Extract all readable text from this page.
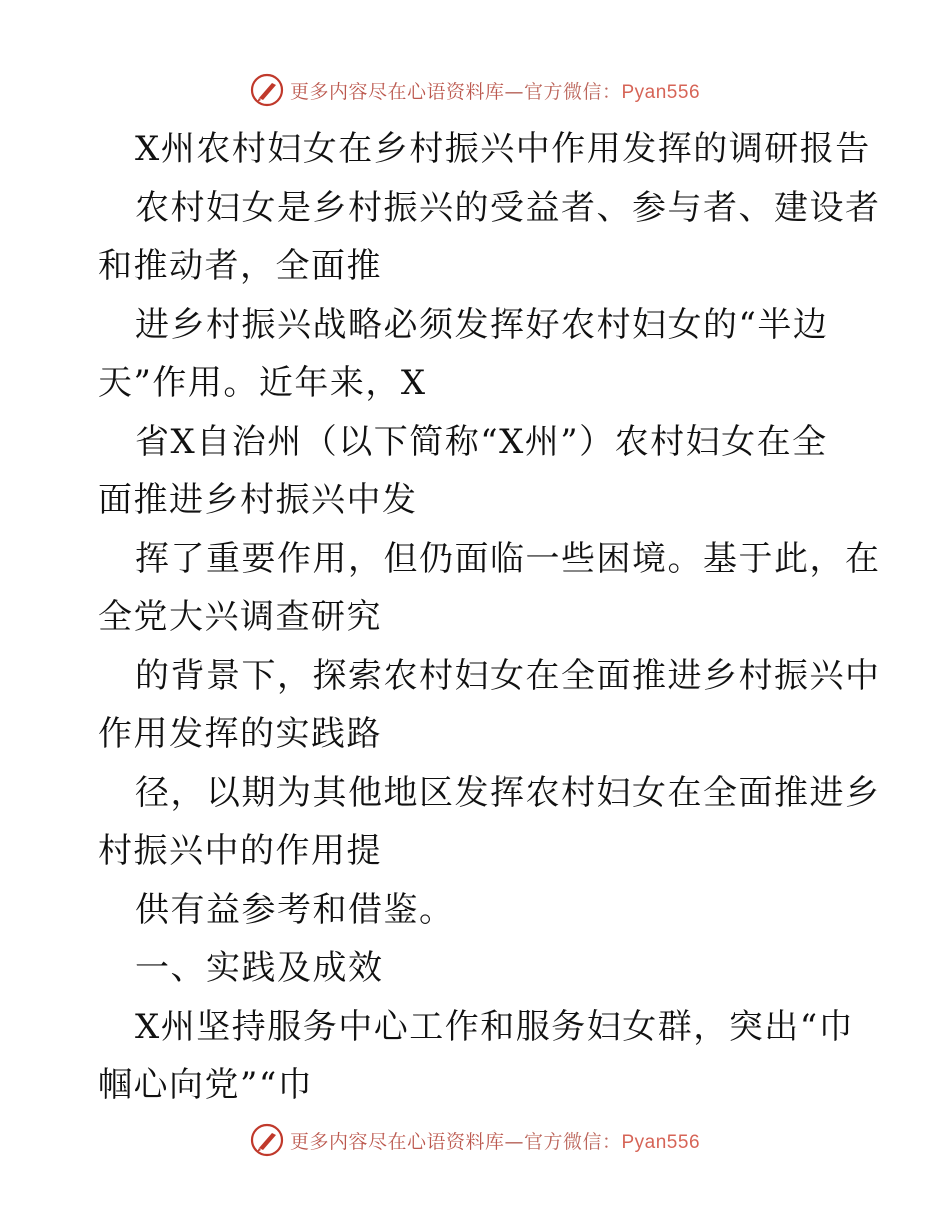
更多内容尽在心语资料库—官方微信：Pyan556
X州农村妇女在乡村振兴中作用发挥的调研报告
农村妇女是乡村振兴的受益者、参与者、建设者
和推动者，全面推
进乡村振兴战略必须发挥好农村妇女的“半边
天”作用。近年来，X
省X自治州（以下简称“X州”）农村妇女在全
面推进乡村振兴中发
挥了重要作用，但仍面临一些困境。基于此，在
全党大兴调查研究
的背景下，探索农村妇女在全面推进乡村振兴中
作用发挥的实践路
径，以期为其他地区发挥农村妇女在全面推进乡
村振兴中的作用提
供有益参考和借鉴。
一、实践及成效
X州坚持服务中心工作和服务妇女群，突出“巾
帼心向党”“巾
更多内容尽在心语资料库—官方微信：Pyan556
